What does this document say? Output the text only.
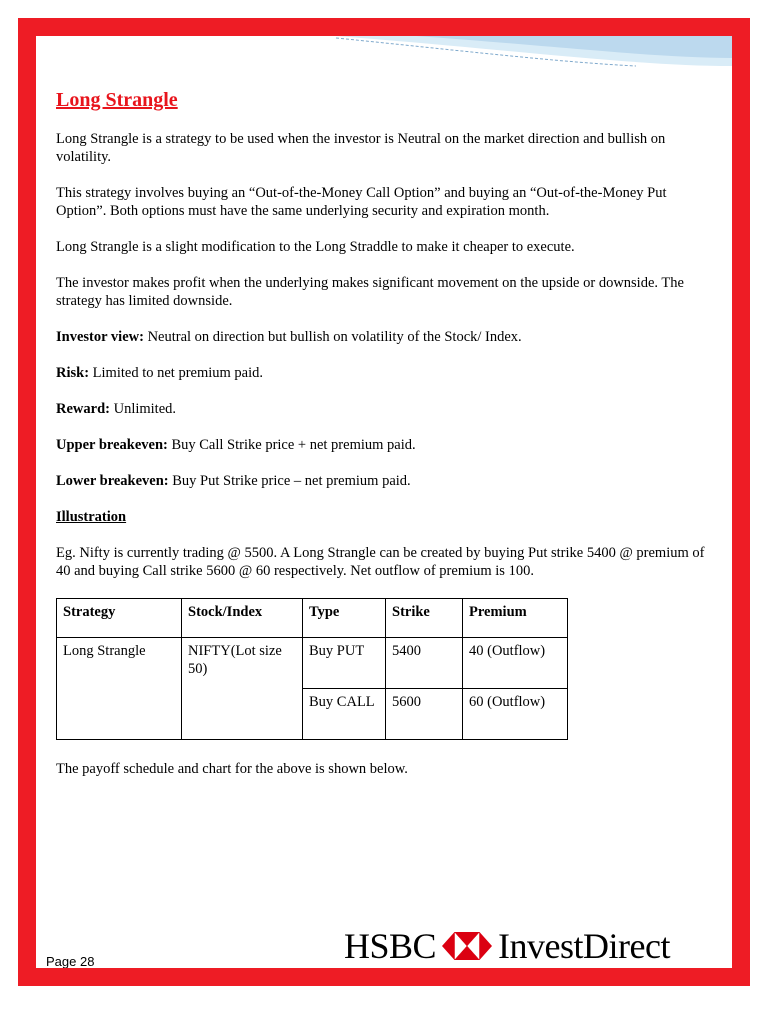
Long Strangle

Long Strangle is a strategy to be used when the investor is Neutral on the market direction and bullish on volatility.

This strategy involves buying an “Out-of-the-Money Call Option” and buying an “Out-of-the-Money Put Option”. Both options must have the same underlying security and expiration month.

Long Strangle is a slight modification to the Long Straddle to make it cheaper to execute.

The investor makes profit when the underlying makes significant movement on the upside or downside. The strategy has limited downside.

Investor view: Neutral on direction but bullish on volatility of the Stock/ Index.

Risk: Limited to net premium paid.

Reward: Unlimited.

Upper breakeven: Buy Call Strike price + net premium paid.

Lower breakeven: Buy Put Strike price – net premium paid.

Illustration

Eg. Nifty is currently trading @ 5500. A Long Strangle can be created by buying Put strike 5400 @ premium of 40 and buying Call strike 5600 @ 60 respectively. Net outflow of premium is 100.

Strategy	Stock/Index	Type	Strike	Premium
Long Strangle	NIFTY(Lot size 50)	Buy PUT	5400	40 (Outflow)
		Buy CALL	5600	60 (Outflow)

The payoff schedule and chart for the above is shown below.

Page 28	HSBC InvestDirect
